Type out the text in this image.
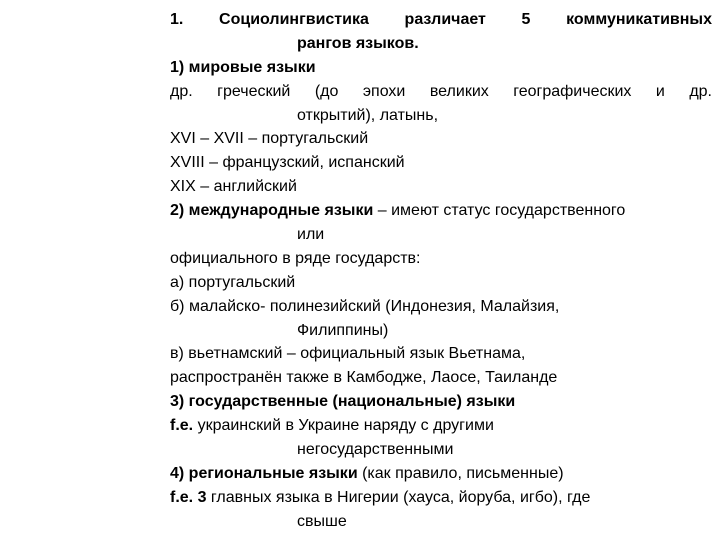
1. Социолингвистика различает 5 коммуникативных
рангов языков.
1) мировые языки
др. греческий (до эпохи великих географических и др.
открытий), латынь,
XVI – XVII – португальский
XVIII – французский, испанский
XIX – английский
2) международные языки – имеют статус государственного
или
официального в ряде государств:
а) португальский
б) малайско- полинезийский (Индонезия, Малайзия,
Филиппины)
в) вьетнамский – официальный язык Вьетнама,
распространён также в Камбодже, Лаосе, Таиланде
3) государственные (национальные) языки
f.e. украинский в Украине наряду с другими
негосударственными
4) региональные языки (как правило, письменные)
f.e. 3 главных языка в Нигерии (хауса, йоруба, игбо), где
свыше
